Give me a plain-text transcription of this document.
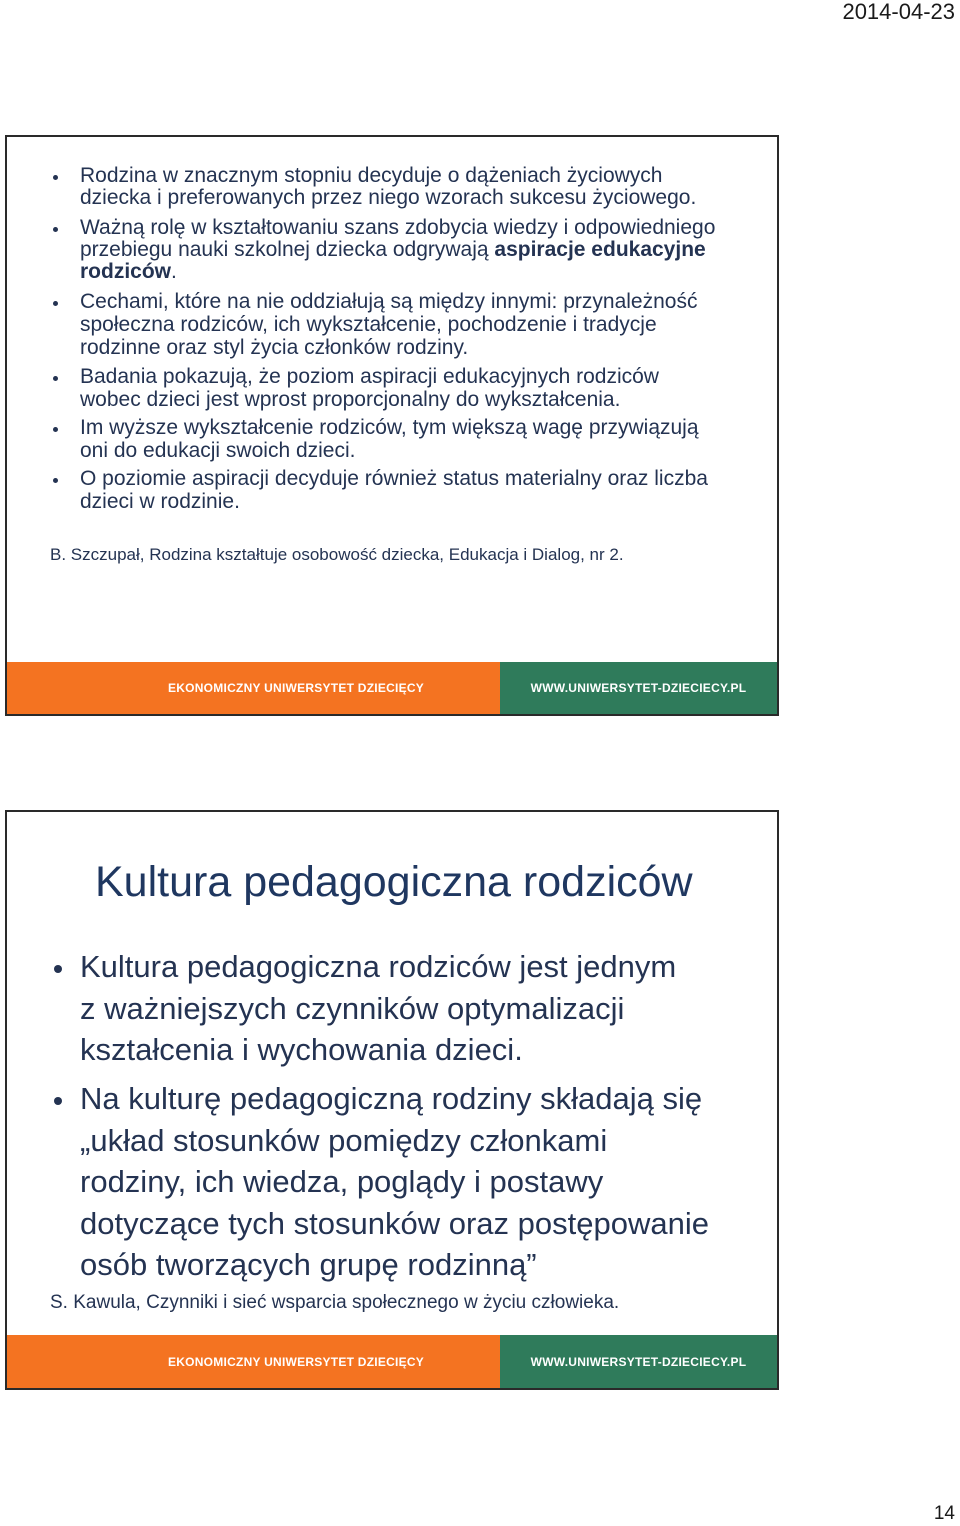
2014-04-23
Rodzina w znacznym stopniu decyduje o dążeniach życiowych
dziecka i preferowanych przez niego wzorach sukcesu życiowego.
Ważną rolę w kształtowaniu szans zdobycia wiedzy i odpowiedniego
przebiegu nauki szkolnej dziecka odgrywają aspiracje edukacyjne
rodziców.
Cechami, które na nie oddziałują są między innymi: przynależność
społeczna rodziców, ich wykształcenie, pochodzenie i tradycje
rodzinne oraz styl życia członków rodziny.
Badania pokazują, że poziom aspiracji edukacyjnych rodziców
wobec dzieci jest wprost proporcjonalny do wykształcenia.
Im wyższe wykształcenie rodziców, tym większą wagę przywiązują
oni do edukacji swoich dzieci.
O poziomie aspiracji decyduje również status materialny oraz liczba
dzieci w rodzinie.
B. Szczupał, Rodzina kształtuje osobowość dziecka, Edukacja i Dialog, nr 2.
EKONOMICZNY UNIWERSYTET DZIECIĘCY	WWW.UNIWERSYTET-DZIECIECY.PL
Kultura pedagogiczna rodziców
Kultura pedagogiczna rodziców jest jednym
z ważniejszych czynników optymalizacji
kształcenia i wychowania dzieci.
Na kulturę pedagogiczną rodziny składają się
„układ stosunków pomiędzy członkami
rodziny, ich wiedza, poglądy i postawy
dotyczące tych stosunków oraz postępowanie
osób tworzących grupę rodzinną”
S. Kawula, Czynniki i sieć wsparcia społecznego w życiu człowieka.
EKONOMICZNY UNIWERSYTET DZIECIĘCY	WWW.UNIWERSYTET-DZIECIECY.PL
14
